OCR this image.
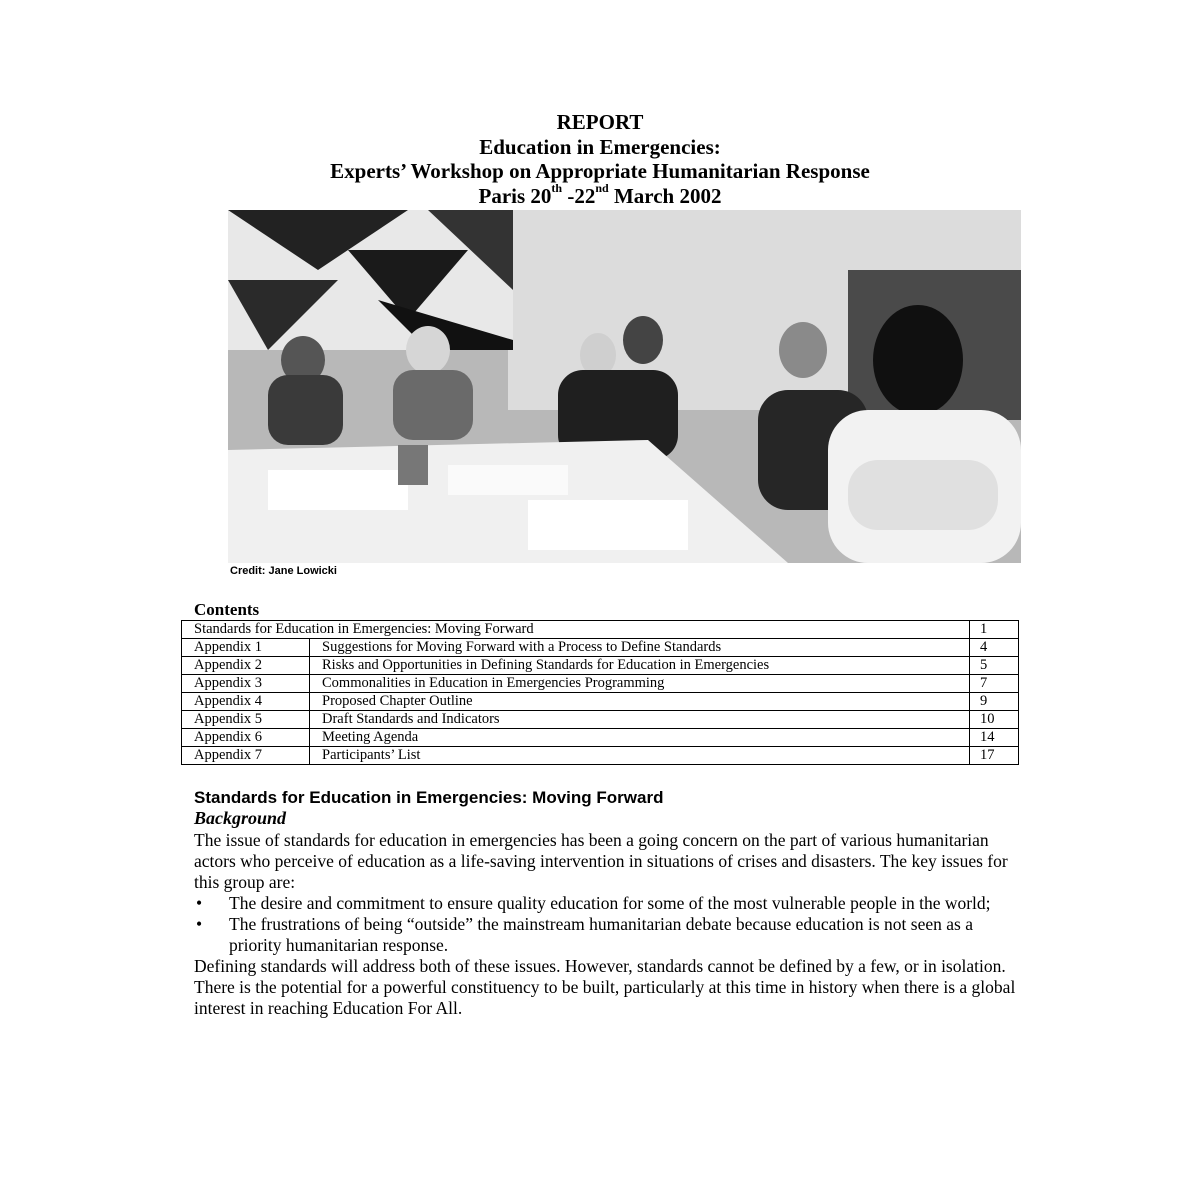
REPORT
Education in Emergencies:
Experts’ Workshop on Appropriate Humanitarian Response
Paris 20th -22nd March 2002
Credit: Jane Lowicki
Contents
Standards for Education in Emergencies: Moving Forward		1
Appendix 1	Suggestions for Moving Forward with a Process to Define Standards	4
Appendix 2	Risks and Opportunities in Defining Standards for Education in Emergencies	5
Appendix 3	Commonalities in Education in Emergencies Programming	7
Appendix 4	Proposed Chapter Outline	9
Appendix 5	Draft Standards and Indicators	10
Appendix 6	Meeting Agenda	14
Appendix 7	Participants’ List	17
Standards for Education in Emergencies: Moving Forward
Background

The issue of standards for education in emergencies has been a going concern on the part of various humanitarian actors who perceive of education as a life-saving intervention in situations of crises and disasters. The key issues for this group are:

• The desire and commitment to ensure quality education for some of the most vulnerable people in the world;
• The frustrations of being “outside” the mainstream humanitarian debate because education is not seen as a priority humanitarian response.

Defining standards will address both of these issues. However, standards cannot be defined by a few, or in isolation. There is the potential for a powerful constituency to be built, particularly at this time in history when there is a global interest in reaching Education For All.
